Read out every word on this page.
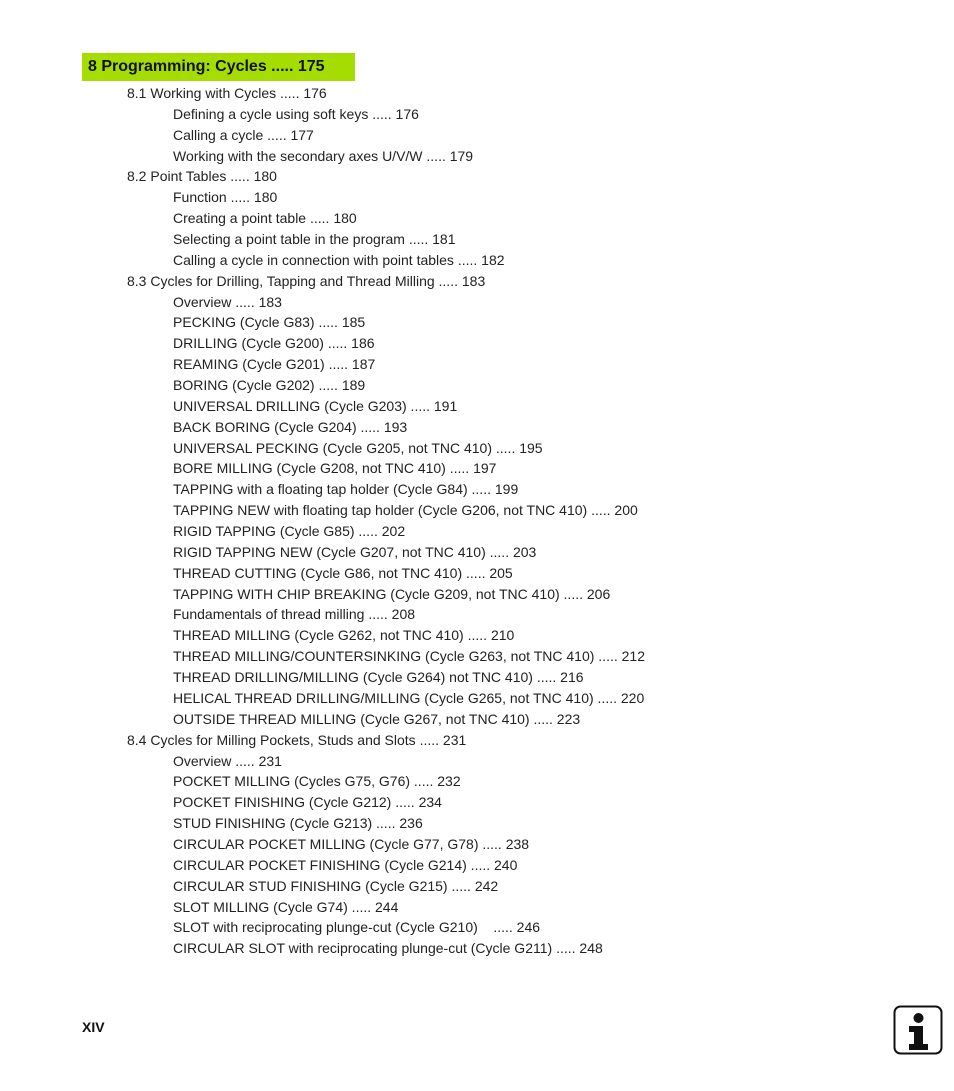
8 Programming: Cycles ..... 175
8.1 Working with Cycles ..... 176
Defining a cycle using soft keys ..... 176
Calling a cycle ..... 177
Working with the secondary axes U/V/W ..... 179
8.2 Point Tables ..... 180
Function ..... 180
Creating a point table ..... 180
Selecting a point table in the program ..... 181
Calling a cycle in connection with point tables ..... 182
8.3 Cycles for Drilling, Tapping and Thread Milling ..... 183
Overview ..... 183
PECKING (Cycle G83) ..... 185
DRILLING (Cycle G200) ..... 186
REAMING (Cycle G201) ..... 187
BORING (Cycle G202) ..... 189
UNIVERSAL DRILLING (Cycle G203) ..... 191
BACK BORING (Cycle G204) ..... 193
UNIVERSAL PECKING (Cycle G205, not TNC 410) ..... 195
BORE MILLING (Cycle G208, not TNC 410) ..... 197
TAPPING with a floating tap holder (Cycle G84) ..... 199
TAPPING NEW with floating tap holder (Cycle G206, not TNC 410) ..... 200
RIGID TAPPING (Cycle G85) ..... 202
RIGID TAPPING NEW (Cycle G207, not TNC 410) ..... 203
THREAD CUTTING (Cycle G86, not TNC 410) ..... 205
TAPPING WITH CHIP BREAKING (Cycle G209, not TNC 410) ..... 206
Fundamentals of thread milling ..... 208
THREAD MILLING (Cycle G262, not TNC 410) ..... 210
THREAD MILLING/COUNTERSINKING (Cycle G263, not TNC 410) ..... 212
THREAD DRILLING/MILLING (Cycle G264) not TNC 410) ..... 216
HELICAL THREAD DRILLING/MILLING (Cycle G265, not TNC 410) ..... 220
OUTSIDE THREAD MILLING (Cycle G267, not TNC 410) ..... 223
8.4 Cycles for Milling Pockets, Studs and Slots ..... 231
Overview ..... 231
POCKET MILLING (Cycles G75, G76) ..... 232
POCKET FINISHING (Cycle G212) ..... 234
STUD FINISHING (Cycle G213) ..... 236
CIRCULAR POCKET MILLING (Cycle G77, G78) ..... 238
CIRCULAR POCKET FINISHING (Cycle G214) ..... 240
CIRCULAR STUD FINISHING (Cycle G215) ..... 242
SLOT MILLING (Cycle G74) ..... 244
SLOT with reciprocating plunge-cut (Cycle G210)    ..... 246
CIRCULAR SLOT with reciprocating plunge-cut (Cycle G211) ..... 248
XIV
